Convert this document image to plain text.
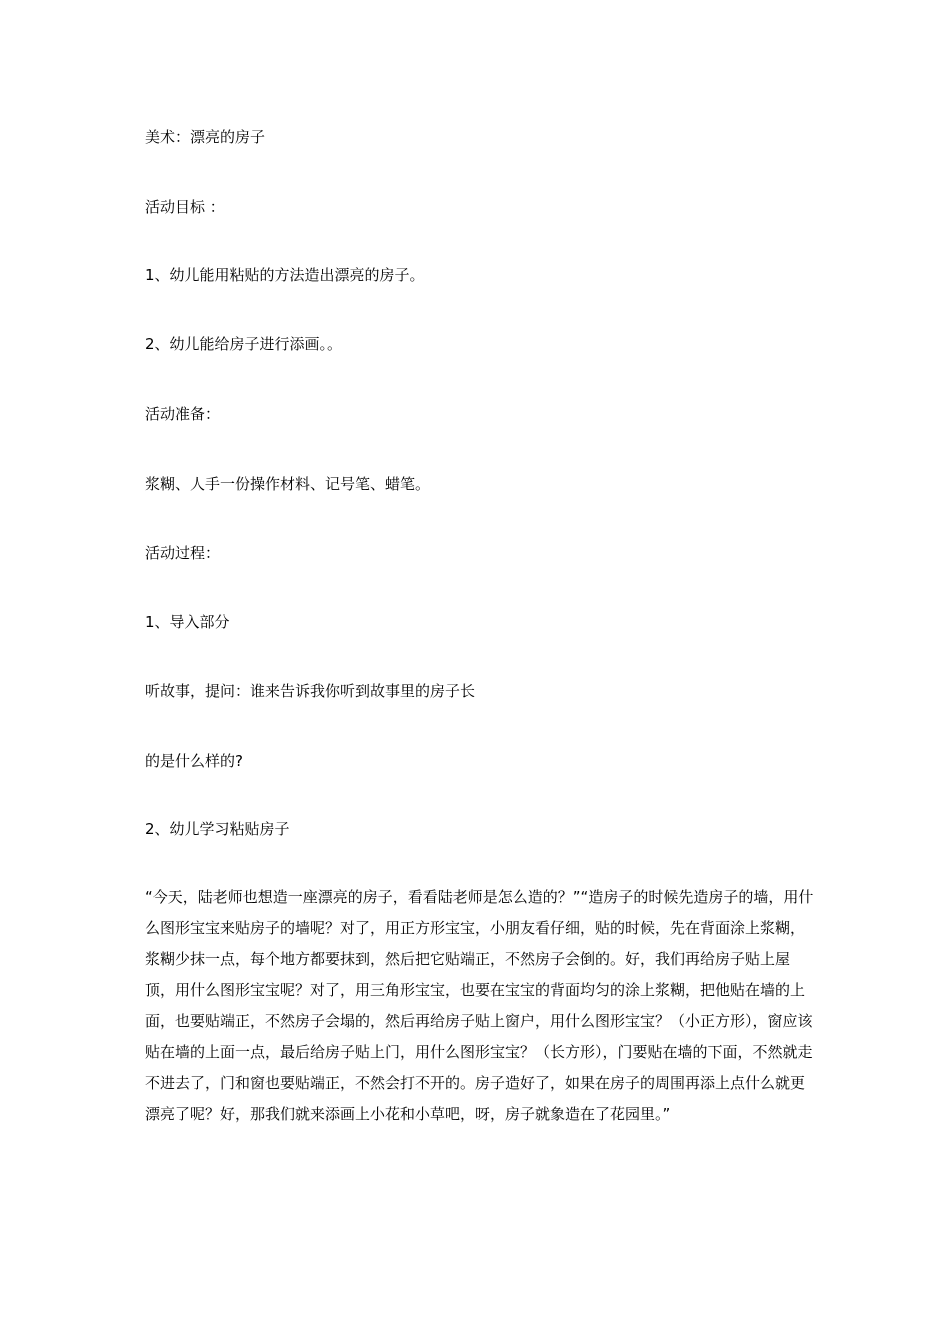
美术：漂亮的房子
活动目标 ：
1、幼儿能用粘贴的方法造出漂亮的房子。
2、幼儿能给房子进行添画。。
活动准备：
浆糊、人手一份操作材料、记号笔、蜡笔。
活动过程：
1、导入部分
听故事，提问：谁来告诉我你听到故事里的房子长
的是什么样的?
2、幼儿学习粘贴房子
“今天，陆老师也想造一座漂亮的房子，看看陆老师是怎么造的？”“造房子的时候先造房子的墙，用什么图形宝宝来贴房子的墙呢？对了，用正方形宝宝，小朋友看仔细，贴的时候，先在背面涂上浆糊，浆糊少抹一点，每个地方都要抹到，然后把它贴端正，不然房子会倒的。好，我们再给房子贴上屋顶，用什么图形宝宝呢？对了，用三角形宝宝，也要在宝宝的背面均匀的涂上浆糊，把他贴在墙的上面，也要贴端正，不然房子会塌的，然后再给房子贴上窗户，用什么图形宝宝？（小正方形），窗应该贴在墙的上面一点，最后给房子贴上门，用什么图形宝宝？（长方形），门要贴在墙的下面，不然就走不进去了，门和窗也要贴端正，不然会打不开的。房子造好了，如果在房子的周围再添上点什么就更漂亮了呢？好，那我们就来添画上小花和小草吧，呀，房子就象造在了花园里。”
